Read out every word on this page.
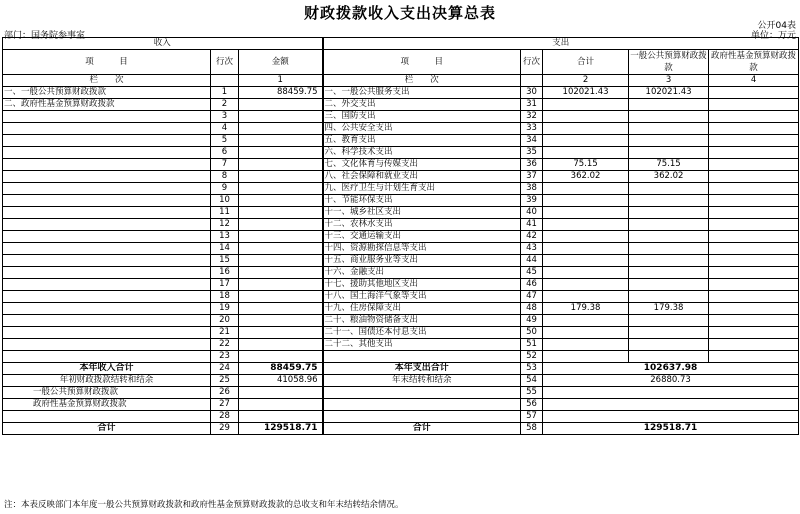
财政拨款收入支出决算总表
公开04表
部门：国务院参事室	单位：万元
收入			支出				
项　　　目	行次	金额	项　　　目	行次	合计	一般公共预算财政拨款	政府性基金预算财政拨款
栏　　次		1	栏　　次		2	3	4
一、一般公共预算财政拨款	1	88459.75	一、一般公共服务支出	30	102021.43	102021.43	
二、政府性基金预算财政拨款	2		二、外交支出	31			
	3		三、国防支出	32			
	4		四、公共安全支出	33			
	5		五、教育支出	34			
	6		六、科学技术支出	35			
	7		七、文化体育与传媒支出	36	75.15	75.15	
	8		八、社会保障和就业支出	37	362.02	362.02	
	9		九、医疗卫生与计划生育支出	38			
	10		十、节能环保支出	39			
	11		十一、城乡社区支出	40			
	12		十二、农林水支出	41			
	13		十三、交通运输支出	42			
	14		十四、资源勘探信息等支出	43			
	15		十五、商业服务业等支出	44			
	16		十六、金融支出	45			
	17		十七、援助其他地区支出	46			
	18		十八、国土海洋气象等支出	47			
	19		十九、住房保障支出	48	179.38	179.38	
	20		二十、粮油物资储备支出	49			
	21		二十一、国债还本付息支出	50			
	22		二十二、其他支出	51			
	23			52			
本年收入合计	24	88459.75	本年支出合计	53	102637.98		
年初财政拨款结转和结余	25	41058.96	年末结转和结余	54	26880.73		
一般公共预算财政拨款	26			55			
政府性基金预算财政拨款	27			56			
	28			57			
合计	29	129518.71	合计	58	129518.71		
注：本表反映部门本年度一般公共预算财政拨款和政府性基金预算财政拨款的总收支和年末结转结余情况。
